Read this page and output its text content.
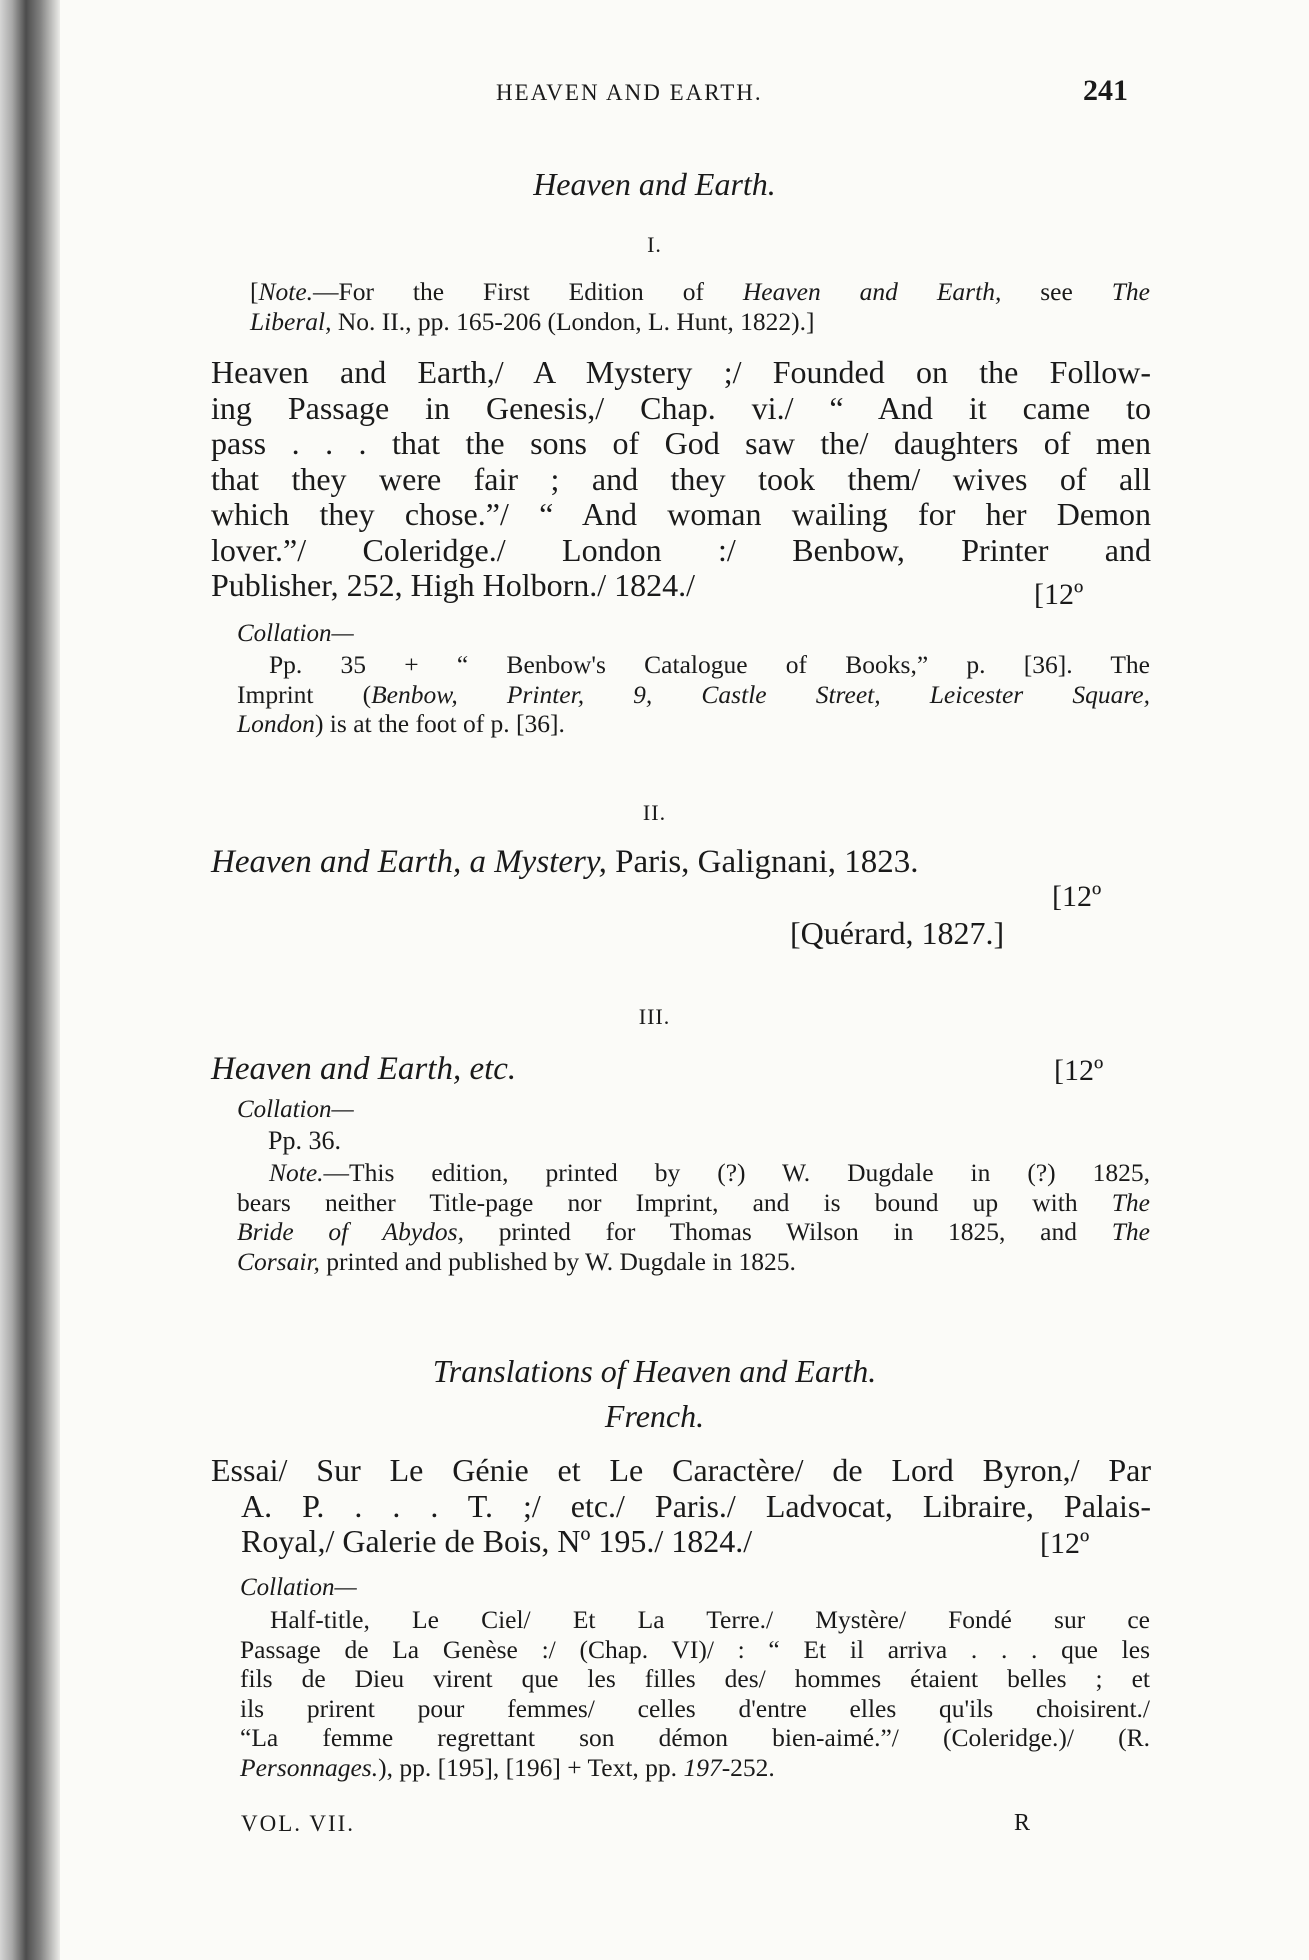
HEAVEN AND EARTH.	241
Heaven and Earth.
I.
[Note.—For the First Edition of Heaven and Earth, see The
Liberal, No. II., pp. 165-206 (London, L. Hunt, 1822).]
Heaven and Earth,/ A Mystery ;/ Founded on the Follow-
ing Passage in Genesis,/ Chap. vi./ “ And it came to
pass . . . that the sons of God saw the/ daughters of men
that they were fair ; and they took them/ wives of all
which they chose.”/ “ And woman wailing for her Demon
lover.”/ Coleridge./ London :/ Benbow, Printer and
Publisher, 252, High Holborn./ 1824./	[12º
Collation—
Pp. 35 + “ Benbow's Catalogue of Books,” p. [36]. The
Imprint (Benbow, Printer, 9, Castle Street, Leicester Square,
London) is at the foot of p. [36].
II.
Heaven and Earth, a Mystery, Paris, Galignani, 1823.
[12º
[Quérard, 1827.]
III.
Heaven and Earth, etc.	[12º
Collation—
Pp. 36.
Note.—This edition, printed by (?) W. Dugdale in (?) 1825,
bears neither Title-page nor Imprint, and is bound up with The
Bride of Abydos, printed for Thomas Wilson in 1825, and The
Corsair, printed and published by W. Dugdale in 1825.
Translations of Heaven and Earth.
French.
Essai/ Sur Le Génie et Le Caractère/ de Lord Byron,/ Par
A. P. . . . T. ;/ etc./ Paris./ Ladvocat, Libraire, Palais-
Royal,/ Galerie de Bois, Nº 195./ 1824./	[12º
Collation—
Half-title, Le Ciel/ Et La Terre./ Mystère/ Fondé sur ce
Passage de La Genèse :/ (Chap. VI)/ : “ Et il arriva . . . que les
fils de Dieu virent que les filles des/ hommes étaient belles ; et
ils prirent pour femmes/ celles d'entre elles qu'ils choisirent./
“La femme regrettant son démon bien-aimé.”/ (Coleridge.)/ (R.
Personnages.), pp. [195], [196] + Text, pp. 197-252.
VOL. VII.	R
